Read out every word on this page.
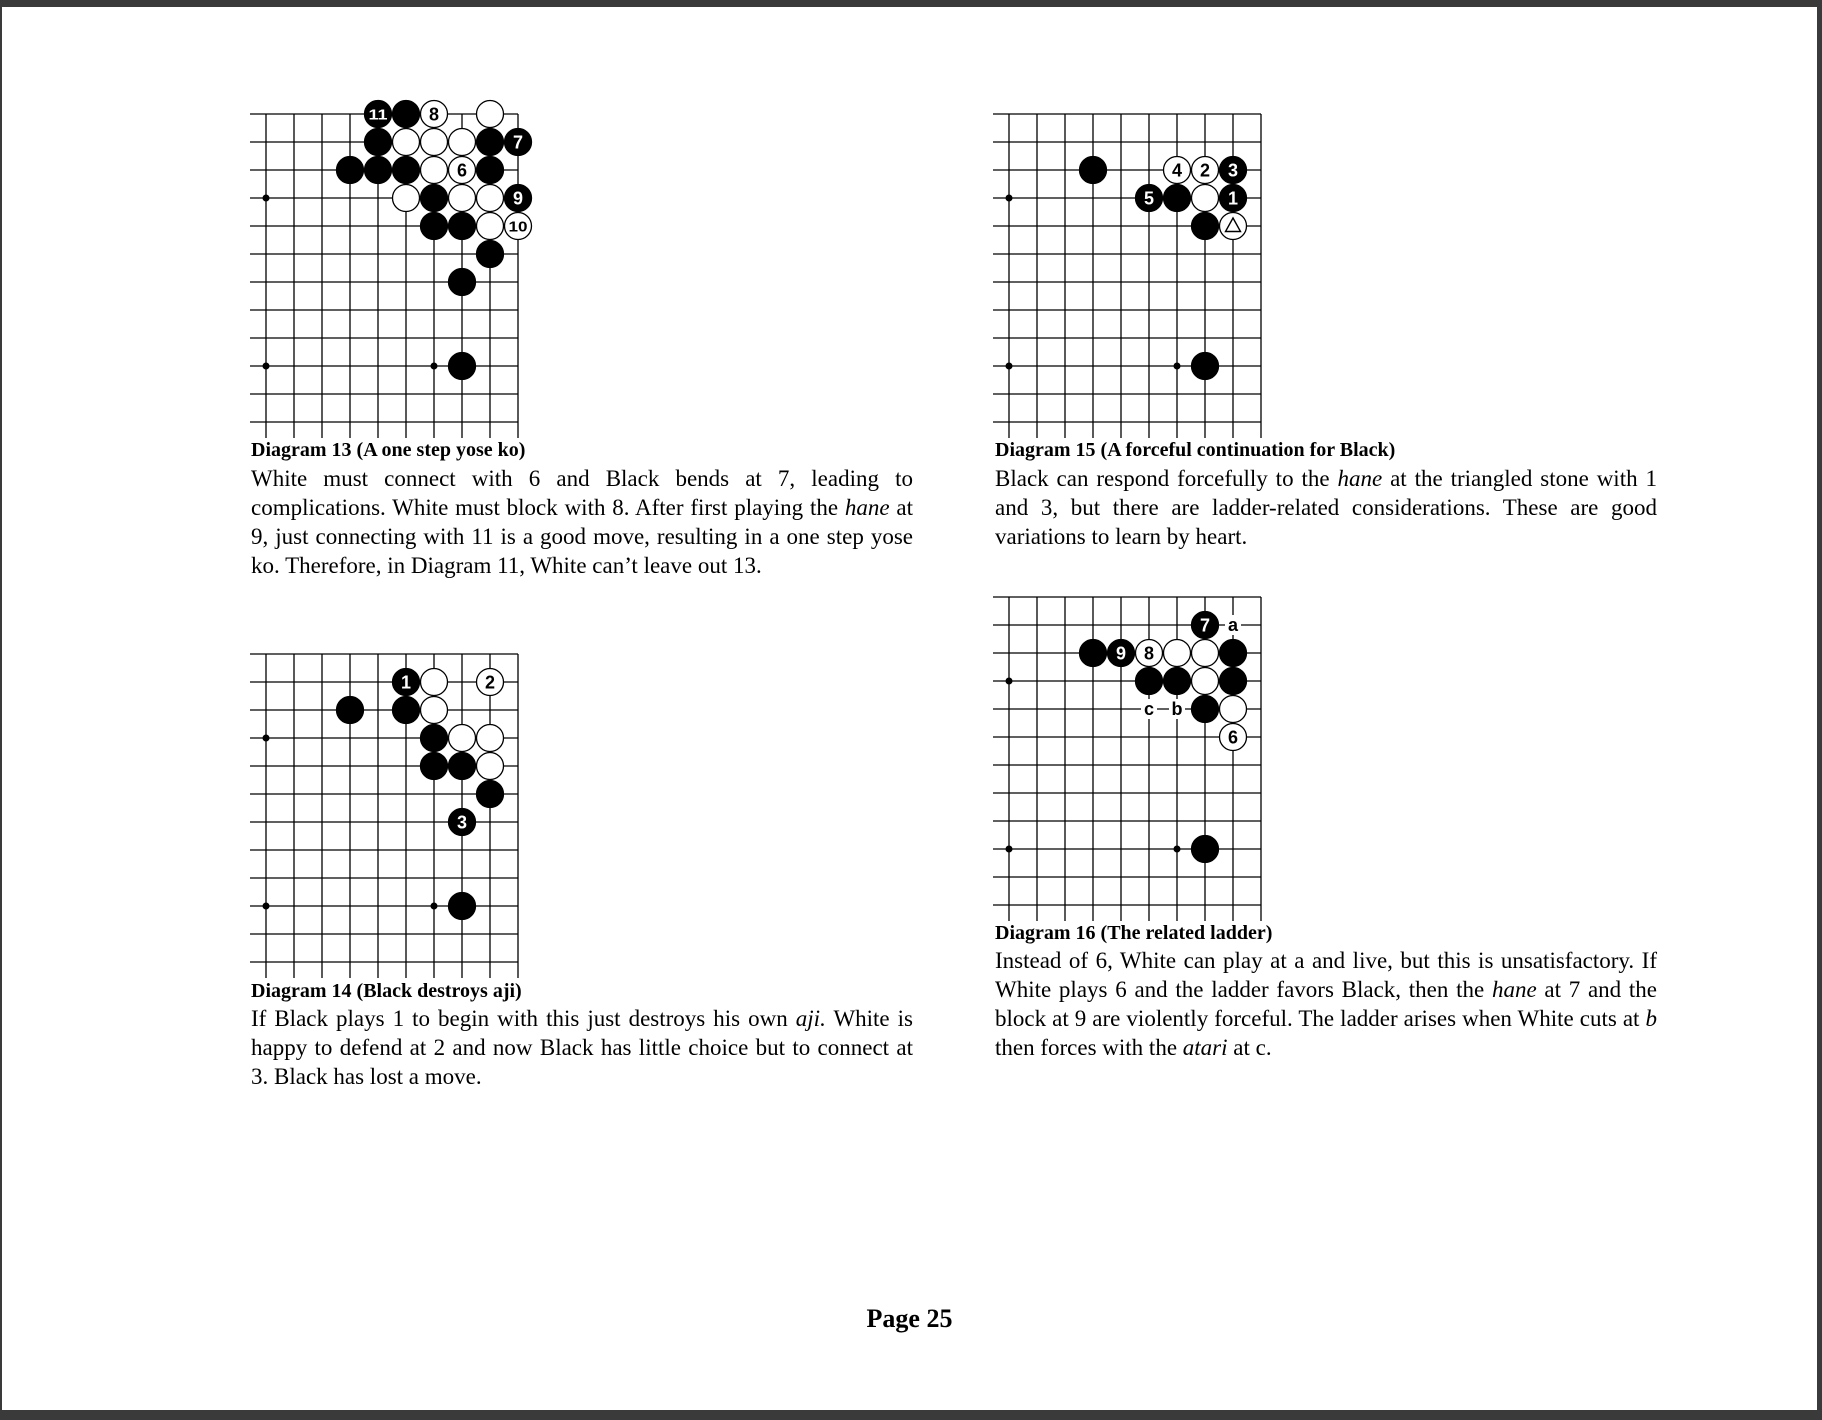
11 8
7
6
9
10
Diagram 13 (A one step yose ko)
White must connect with 6 and Black bends at 7, leading to complications. White must block with 8. After first playing the hane at 9, just connecting with 11 is a good move, resulting in a one step yose ko. Therefore, in Diagram 11, White can’t leave out 13.
1	2
3
Diagram 14 (Black destroys aji)
If Black plays 1 to begin with this just destroys his own aji. White is happy to defend at 2 and now Black has little choice but to connect at 3. Black has lost a move.
4 2 3
5	1
Diagram 15 (A forceful continuation for Black)
Black can respond forcefully to the hane at the triangled stone with 1 and 3, but there are ladder-related considerations. These are good variations to learn by heart.
a
b
c
7
9 8
6
Diagram 16 (The related ladder)
Instead of 6, White can play at a and live, but this is unsatisfactory. If White plays 6 and the ladder favors Black, then the hane at 7 and the block at 9 are violently forceful. The ladder arises when White cuts at b then forces with the atari at c.
Page 25
